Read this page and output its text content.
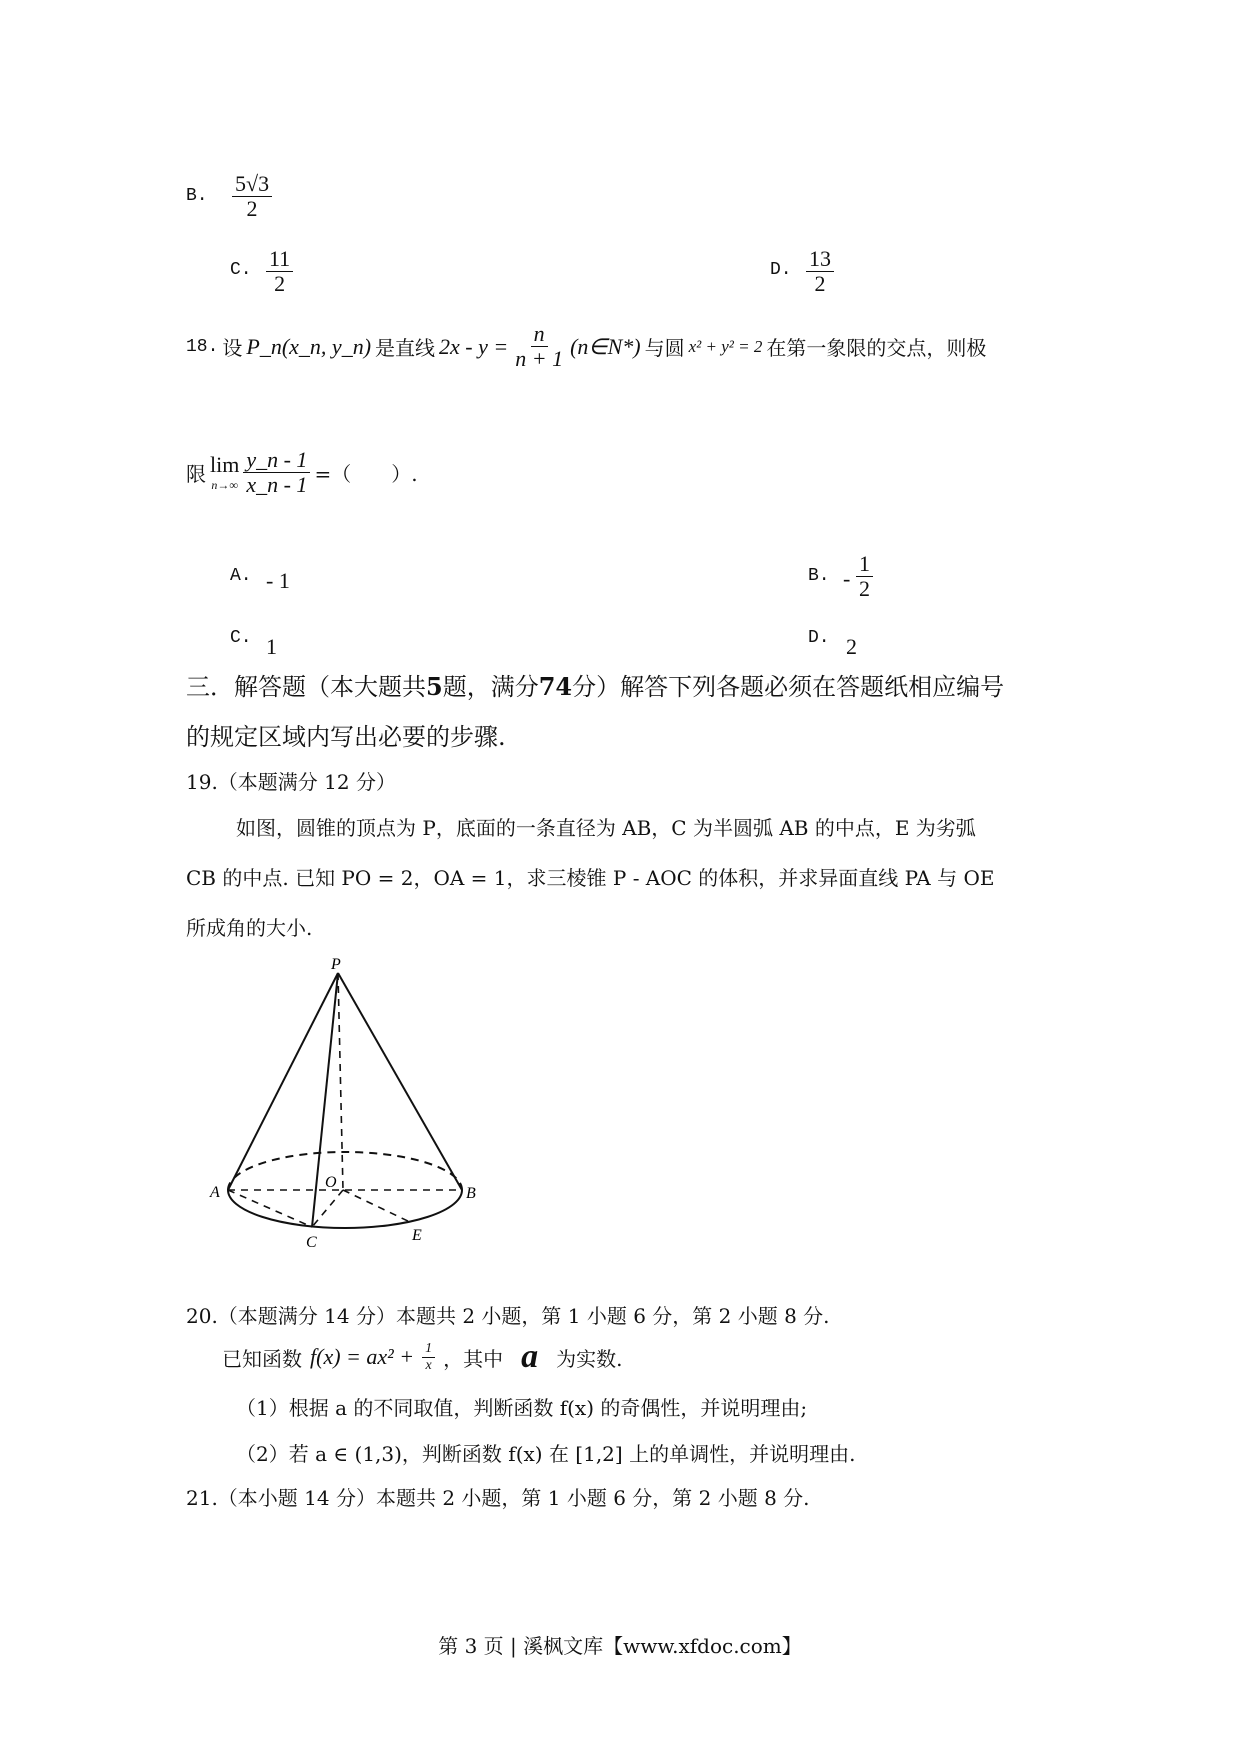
B. $\frac{5√3}{2}$
C. $\frac{11}{2}$	D. $\frac{13}{2}$
18. 设 P_n(x_n, y_n) 是直线 $2x - y = \frac{n}{n + 1}$ (n∈N*) 与圆 x² + y² = 2 在第一象限的交点，则极
限 lim
$n\to\infty \frac{y\_n - 1}{x\_n - 1}$ =（　　）.
A. - 1	B. - $\frac{1}{2}$
C. 1	D. 2
三．解答题（本大题共5题，满分74分）解答下列各题必须在答题纸相应编号
的规定区域内写出必要的步骤.
19.（本题满分 12 分）
如图，圆锥的顶点为 P，底面的一条直径为 AB，C 为半圆弧 AB 的中点，E 为劣弧
CB 的中点. 已知 PO = 2，OA = 1，求三棱锥 P - AOC 的体积，并求异面直线 PA 与 OE
所成角的大小.
P
O
A	B
C	E
20.（本题满分 14 分）本题共 2 小题，第 1 小题 6 分，第 2 小题 8 分.
已知函数 $f(x) = ax^2 + \frac{1}{x}$ ，其中 a 为实数.
（1）根据 a 的不同取值，判断函数 f(x) 的奇偶性，并说明理由;
（2）若 a ∈ (1,3)，判断函数 f(x) 在 [1,2] 上的单调性，并说明理由.
21.（本小题 14 分）本题共 2 小题，第 1 小题 6 分，第 2 小题 8 分.
第 3 页 | 溪枫文库【www.xfdoc.com】
